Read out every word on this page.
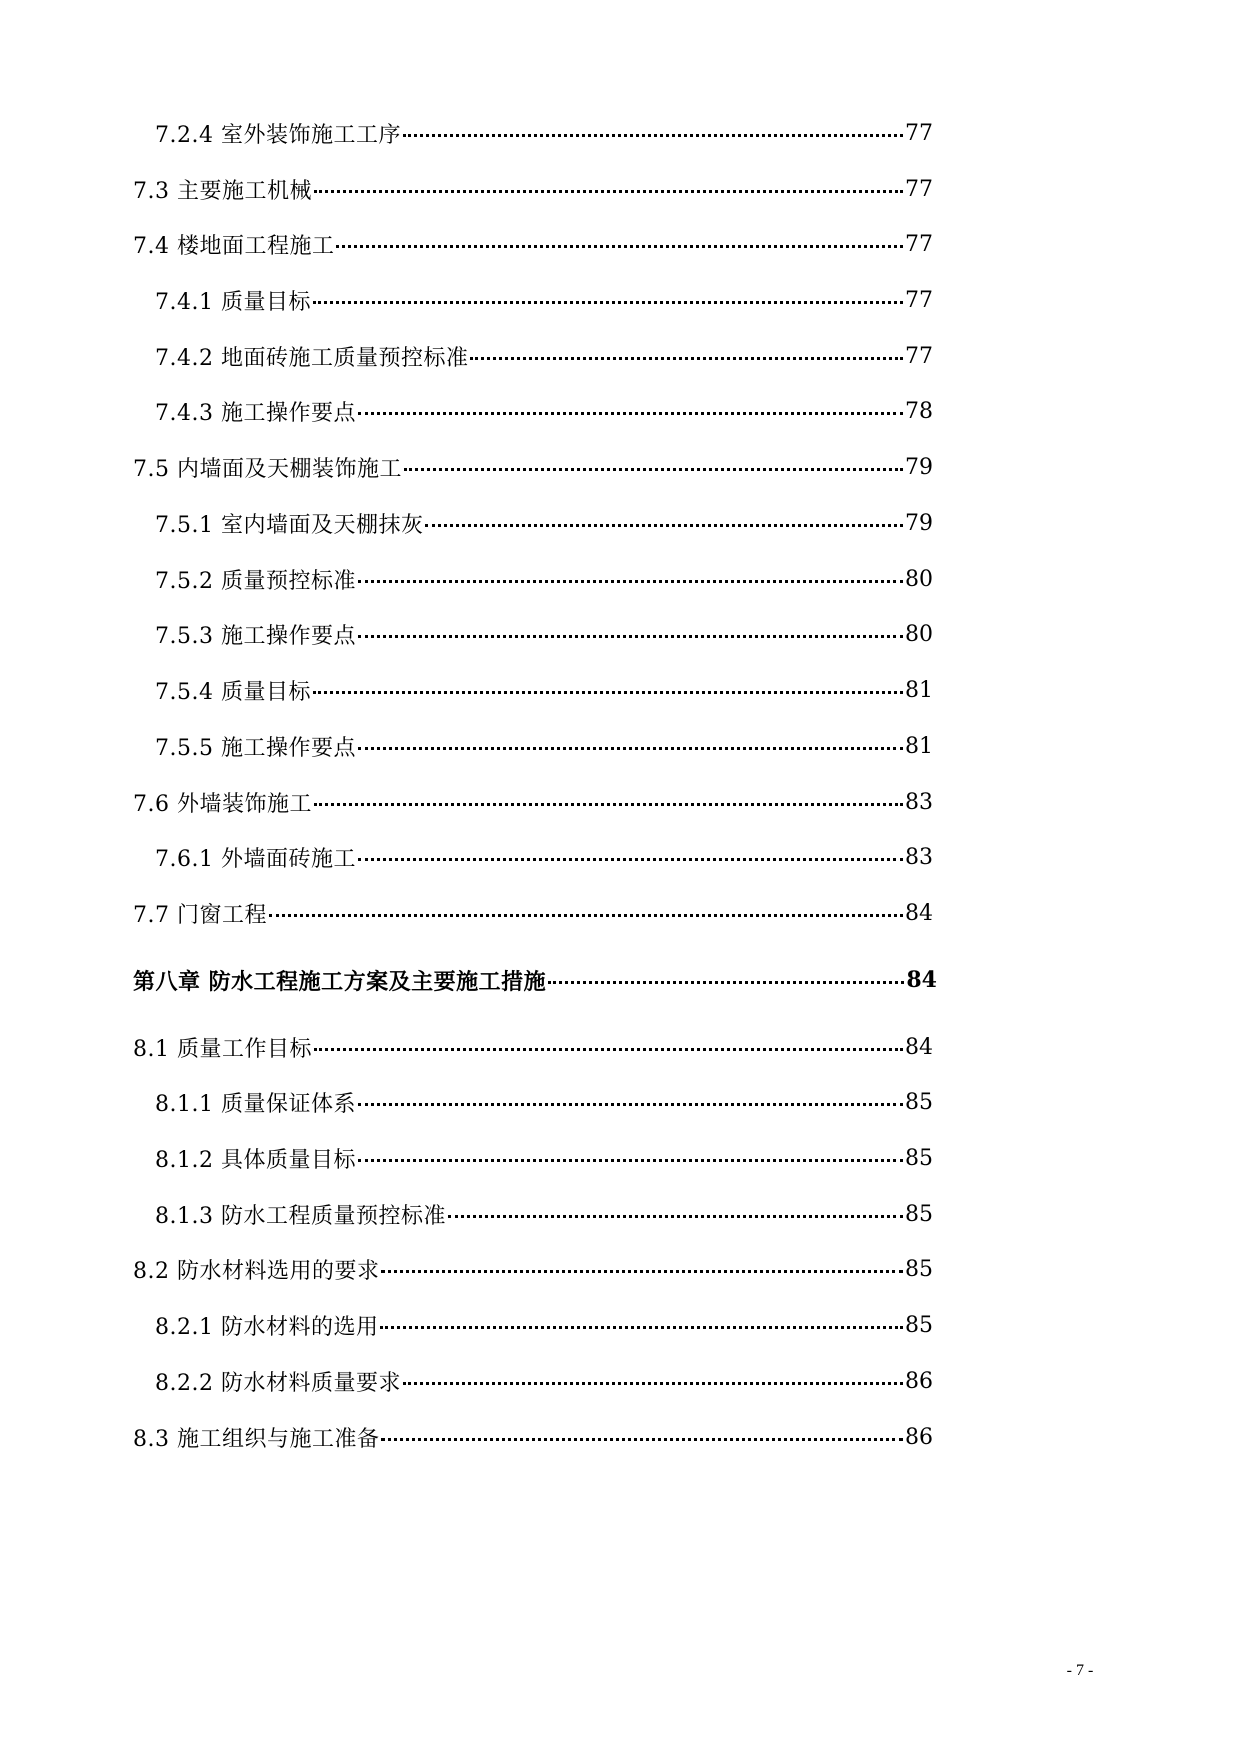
7.2.4 室外装饰施工工序	77
7.3 主要施工机械	77
7.4 楼地面工程施工	77
7.4.1 质量目标	77
7.4.2 地面砖施工质量预控标准	77
7.4.3 施工操作要点	78
7.5 内墙面及天棚装饰施工	79
7.5.1 室内墙面及天棚抹灰	79
7.5.2 质量预控标准	80
7.5.3 施工操作要点	80
7.5.4 质量目标	81
7.5.5 施工操作要点	81
7.6 外墙装饰施工	83
7.6.1 外墙面砖施工	83
7.7 门窗工程	84
第八章 防水工程施工方案及主要施工措施	84
8.1 质量工作目标	84
8.1.1 质量保证体系	85
8.1.2 具体质量目标	85
8.1.3 防水工程质量预控标准	85
8.2 防水材料选用的要求	85
8.2.1 防水材料的选用	85
8.2.2 防水材料质量要求	86
8.3 施工组织与施工准备	86
- 7 -
